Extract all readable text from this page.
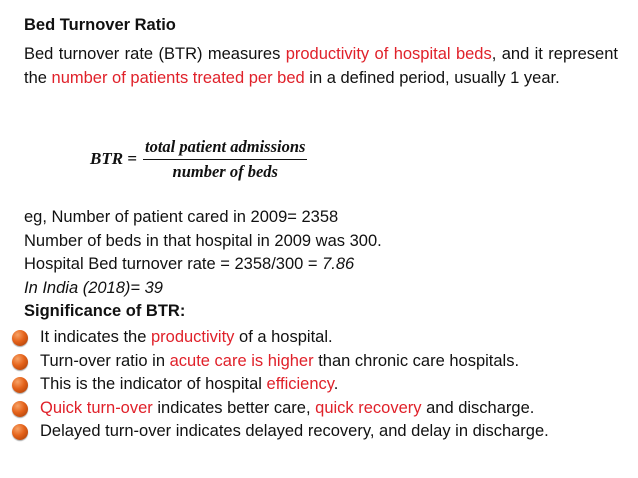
Bed Turnover Ratio
Bed turnover rate (BTR) measures productivity of hospital beds, and it represent the number of patients treated per bed in a defined period, usually 1 year.
BTR = $\frac{\text{total patient admissions}}{\text{number of beds}}$
eg, Number of patient cared in 2009= 2358
Number of beds in that hospital in 2009 was 300.
Hospital Bed turnover rate = 2358/300 = 7.86
In India (2018)= 39
Significance of BTR:
It indicates the productivity of a hospital.
Turn-over ratio in acute care is higher than chronic care hospitals.
This is the indicator of hospital efficiency.
Quick turn-over indicates better care, quick recovery and discharge.
Delayed turn-over indicates delayed recovery, and delay in discharge.
